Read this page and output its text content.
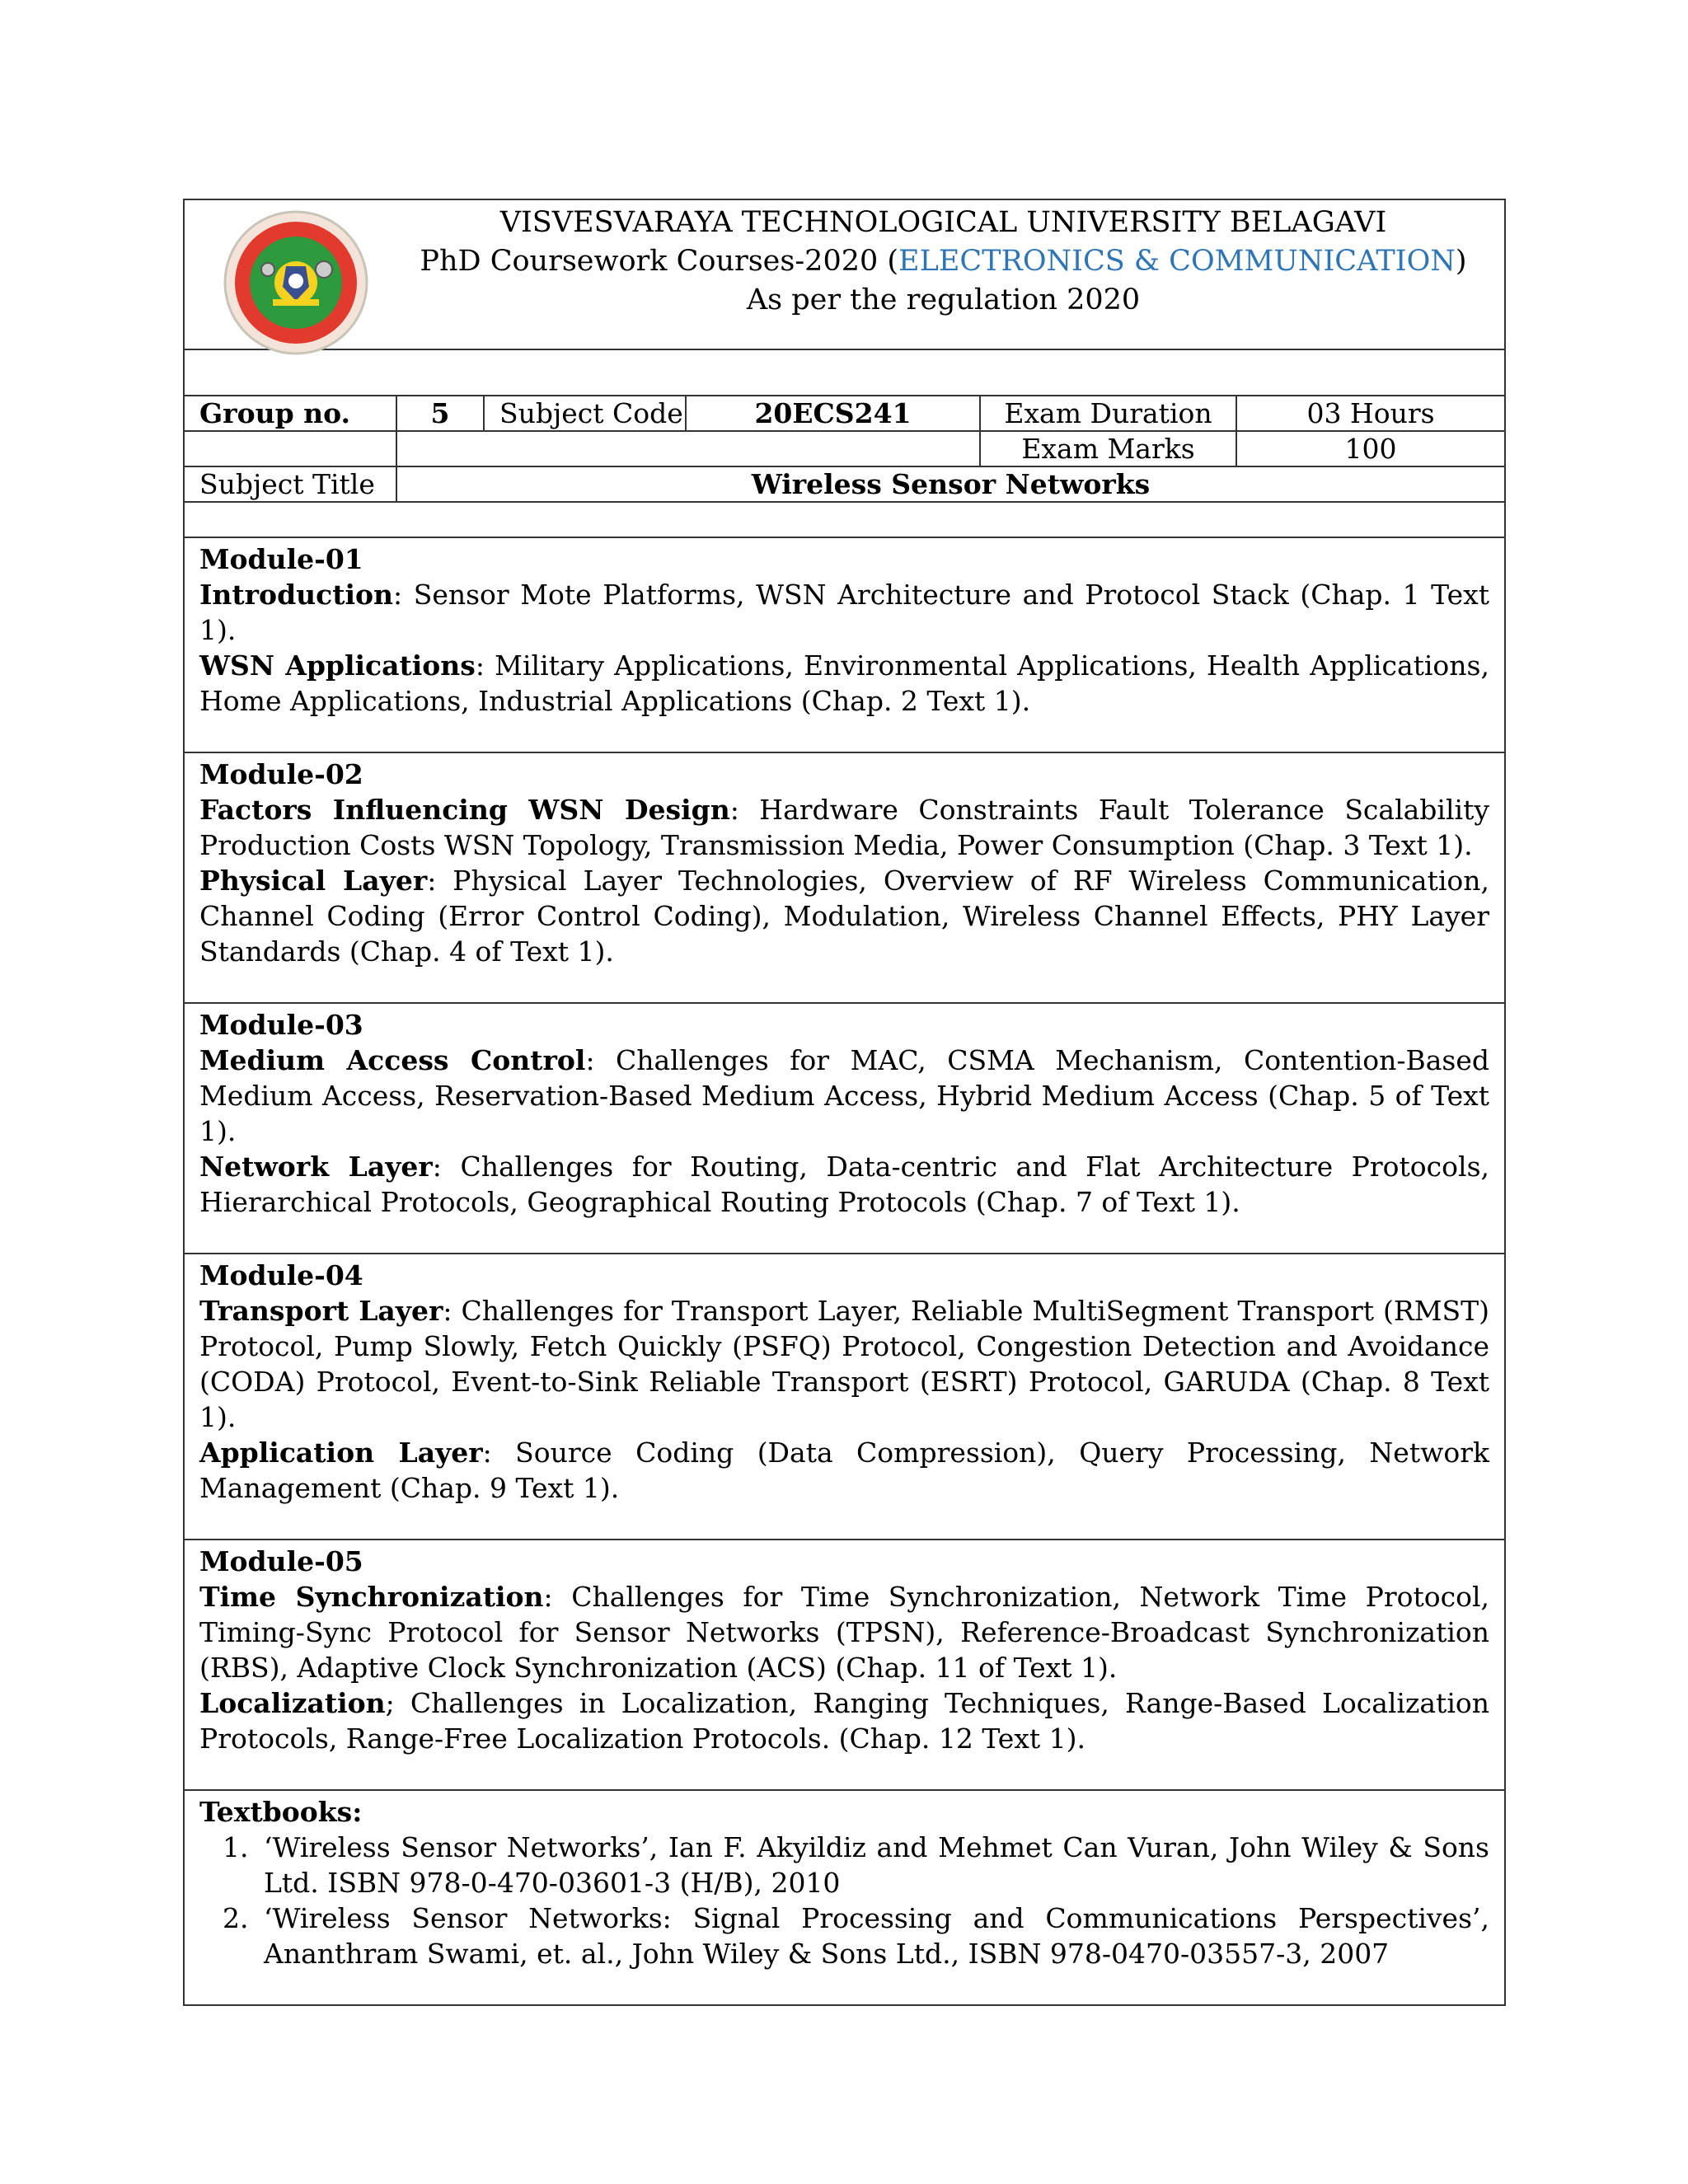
VISVESVARAYA TECHNOLOGICAL UNIVERSITY BELAGAVI
PhD Coursework Courses-2020 (ELECTRONICS & COMMUNICATION)
As per the regulation 2020
Group no.	5	Subject Code	20ECS241	Exam Duration	03 Hours
				Exam Marks	100
Subject Title	Wireless Sensor Networks				
Module-01
Introduction: Sensor Mote Platforms, WSN Architecture and Protocol Stack (Chap. 1 Text 1).
WSN Applications: Military Applications, Environmental Applications, Health Applications, Home Applications, Industrial Applications (Chap. 2 Text 1).
Module-02
Factors Influencing WSN Design: Hardware Constraints Fault Tolerance Scalability Production Costs WSN Topology, Transmission Media, Power Consumption (Chap. 3 Text 1).
Physical Layer: Physical Layer Technologies, Overview of RF Wireless Communication, Channel Coding (Error Control Coding), Modulation, Wireless Channel Effects, PHY Layer Standards (Chap. 4 of Text 1).
Module-03
Medium Access Control: Challenges for MAC, CSMA Mechanism, Contention-Based Medium Access, Reservation-Based Medium Access, Hybrid Medium Access (Chap. 5 of Text 1).
Network Layer: Challenges for Routing, Data-centric and Flat Architecture Protocols, Hierarchical Protocols, Geographical Routing Protocols (Chap. 7 of Text 1).
Module-04
Transport Layer: Challenges for Transport Layer, Reliable MultiSegment Transport (RMST) Protocol, Pump Slowly, Fetch Quickly (PSFQ) Protocol, Congestion Detection and Avoidance (CODA) Protocol, Event-to-Sink Reliable Transport (ESRT) Protocol, GARUDA (Chap. 8 Text 1).
Application Layer: Source Coding (Data Compression), Query Processing, Network Management (Chap. 9 Text 1).
Module-05
Time Synchronization: Challenges for Time Synchronization, Network Time Protocol, Timing-Sync Protocol for Sensor Networks (TPSN), Reference-Broadcast Synchronization (RBS), Adaptive Clock Synchronization (ACS) (Chap. 11 of Text 1).
Localization; Challenges in Localization, Ranging Techniques, Range-Based Localization Protocols, Range-Free Localization Protocols. (Chap. 12 Text 1).
Textbooks:
1. ‘Wireless Sensor Networks’, Ian F. Akyildiz and Mehmet Can Vuran, John Wiley & Sons Ltd. ISBN 978-0-470-03601-3 (H/B), 2010
2. ‘Wireless Sensor Networks: Signal Processing and Communications Perspectives’, Ananthram Swami, et. al., John Wiley & Sons Ltd., ISBN 978-0470-03557-3, 2007
